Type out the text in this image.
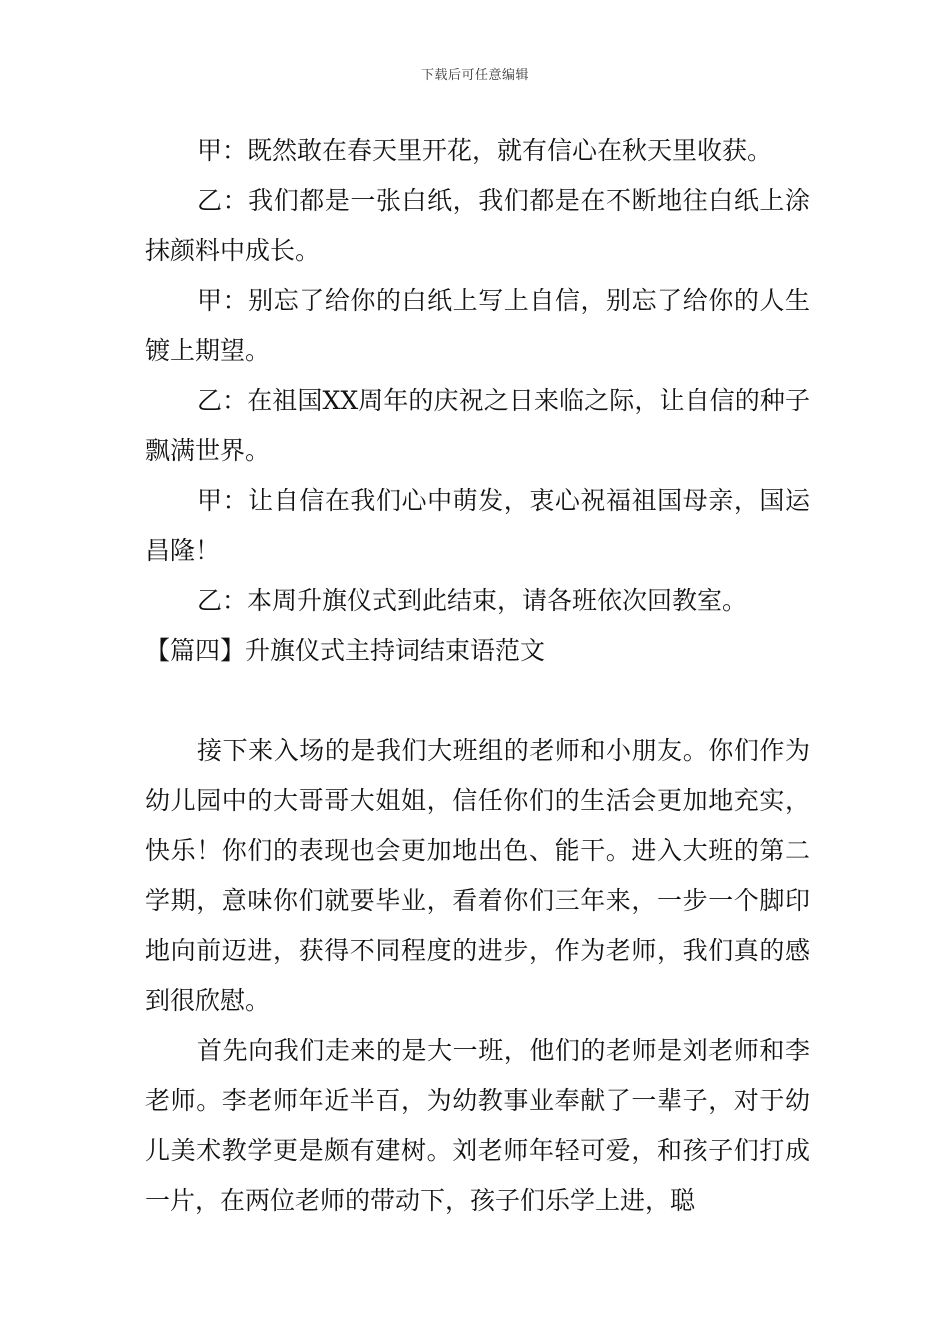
下载后可任意编辑

甲：既然敢在春天里开花，就有信心在秋天里收获。

乙：我们都是一张白纸，我们都是在不断地往白纸上涂抹颜料中成长。

甲：别忘了给你的白纸上写上自信，别忘了给你的人生镀上期望。

乙：在祖国XX周年的庆祝之日来临之际，让自信的种子飘满世界。

甲：让自信在我们心中萌发，衷心祝福祖国母亲，国运昌隆！

乙：本周升旗仪式到此结束，请各班依次回教室。

【篇四】升旗仪式主持词结束语范文

接下来入场的是我们大班组的老师和小朋友。你们作为幼儿园中的大哥哥大姐姐，信任你们的生活会更加地充实，快乐！你们的表现也会更加地出色、能干。进入大班的第二学期，意味你们就要毕业，看着你们三年来，一步一个脚印地向前迈进，获得不同程度的进步，作为老师，我们真的感到很欣慰。

首先向我们走来的是大一班，他们的老师是刘老师和李老师。李老师年近半百，为幼教事业奉献了一辈子，对于幼儿美术教学更是颇有建树。刘老师年轻可爱，和孩子们打成一片，在两位老师的带动下，孩子们乐学上进，聪
